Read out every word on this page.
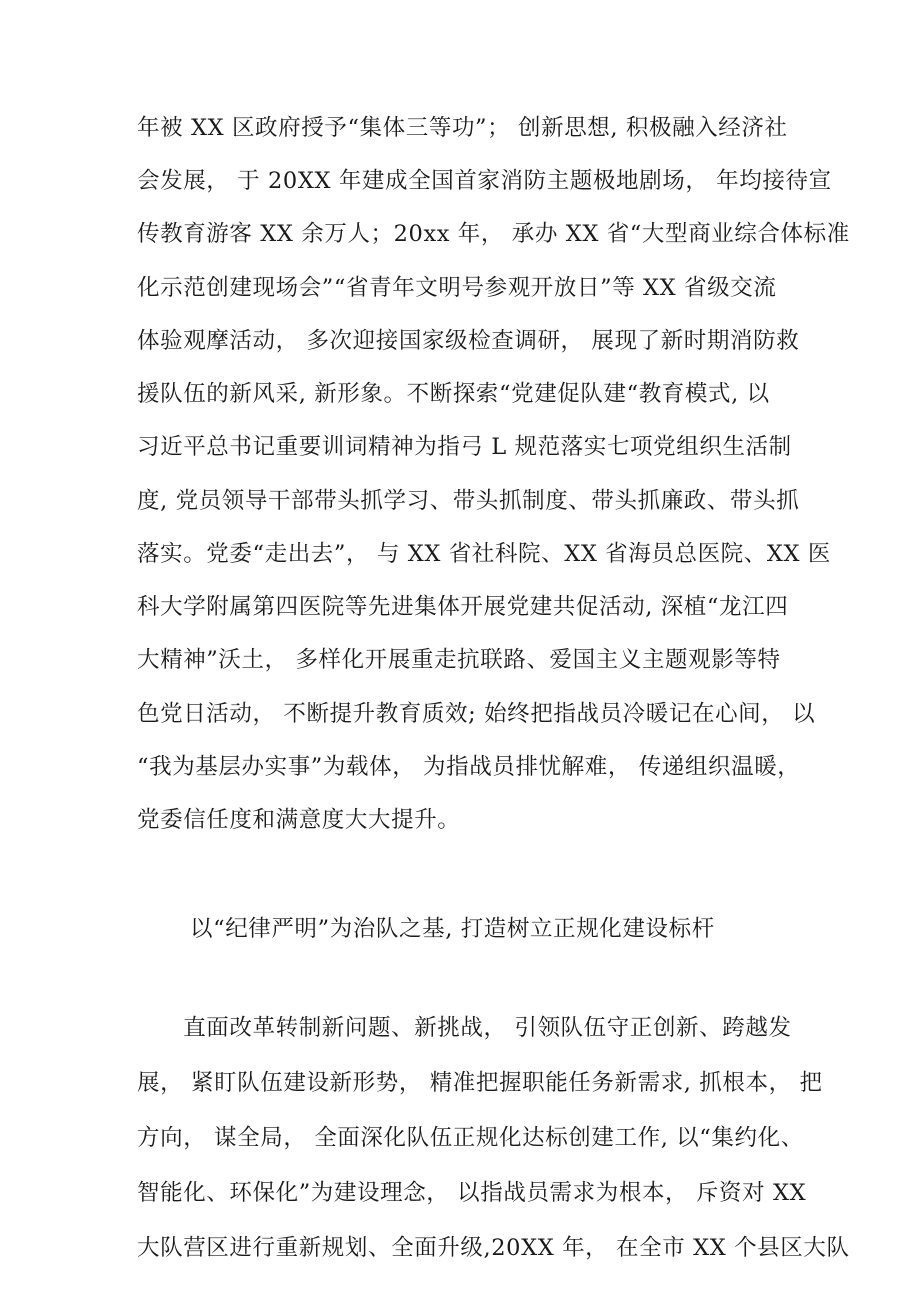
年被 XX 区政府授予“集体三等功”； 创新思想, 积极融入经济社
会发展， 于 20XX 年建成全国首家消防主题极地剧场， 年均接待宣
传教育游客 XX 余万人；20xx 年， 承办 XX 省“大型商业综合体标准
化示范创建现场会”“省青年文明号参观开放日”等 XX 省级交流
体验观摩活动， 多次迎接国家级检查调研， 展现了新时期消防救
援队伍的新风采, 新形象。不断探索“党建促队建“教育模式, 以
习近平总书记重要训词精神为指弓 L 规范落实七项党组织生活制
度, 党员领导干部带头抓学习、带头抓制度、带头抓廉政、带头抓
落实。党委“走出去”， 与 XX 省社科院、XX 省海员总医院、XX 医
科大学附属第四医院等先进集体开展党建共促活动, 深植“龙江四
大精神”沃土， 多样化开展重走抗联路、爱国主义主题观影等特
色党日活动， 不断提升教育质效; 始终把指战员冷暖记在心间， 以
“我为基层办实事”为载体， 为指战员排忧解难， 传递组织温暖，
党委信任度和满意度大大提升。
以“纪律严明”为治队之基, 打造树立正规化建设标杆
　　直面改革转制新问题、新挑战， 引领队伍守正创新、跨越发
展， 紧盯队伍建设新形势， 精准把握职能任务新需求, 抓根本， 把
方向， 谋全局， 全面深化队伍正规化达标创建工作, 以“集约化、
智能化、环保化”为建设理念， 以指战员需求为根本， 斥资对 XX
大队营区进行重新规划、全面升级,20XX 年， 在全市 XX 个县区大队
